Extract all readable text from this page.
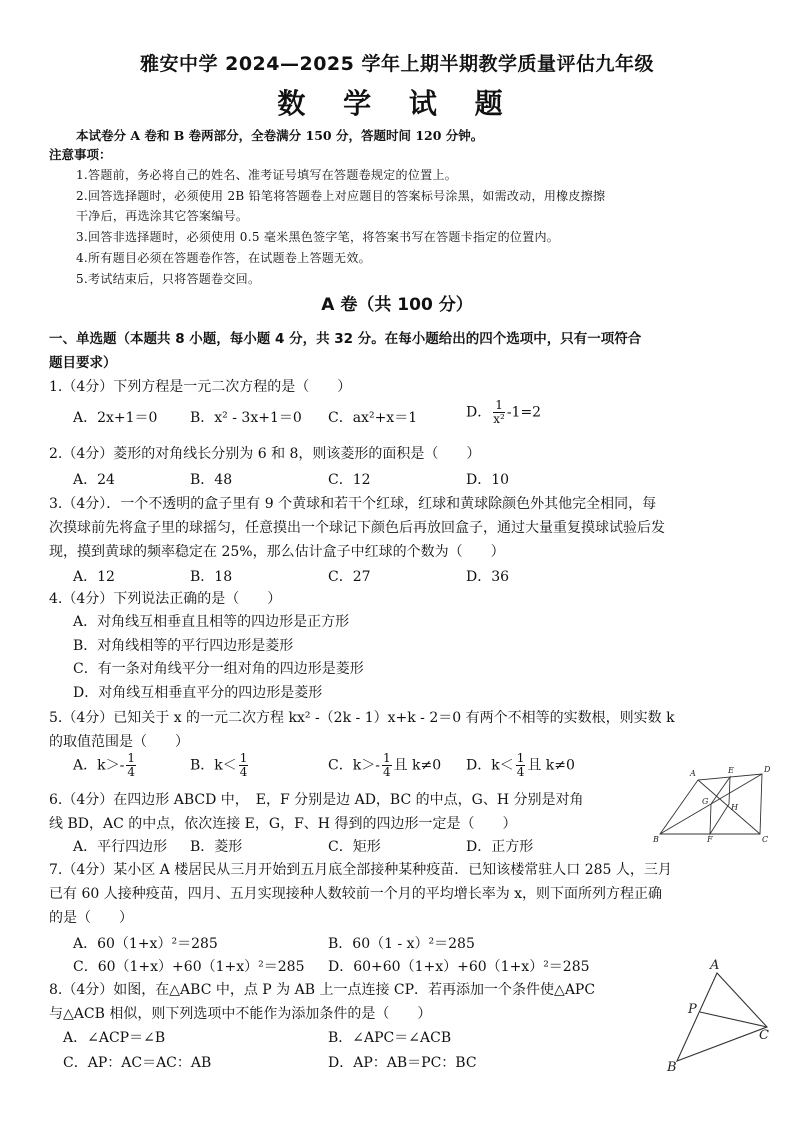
雅安中学 2024—2025 学年上期半期教学质量评估九年级
数 学 试 题
本试卷分 A 卷和 B 卷两部分，全卷满分 150 分，答题时间 120 分钟。
注意事项：
1.答题前，务必将自己的姓名、准考证号填写在答题卷规定的位置上。
2.回答选择题时，必须使用 2B 铅笔将答题卷上对应题目的答案标号涂黑，如需改动，用橡皮擦擦
干净后，再选涂其它答案编号。
3.回答非选择题时，必须使用 0.5 毫米黑色签字笔，将答案书写在答题卡指定的位置内。
4.所有题目必须在答题卷作答，在试题卷上答题无效。
5.考试结束后，只将答题卷交回。
A 卷（共 100 分）
一、单选题（本题共 8 小题，每小题 4 分，共 32 分。在每小题给出的四个选项中，只有一项符合
题目要求）
1.（4分）下列方程是一元二次方程的是（　　）
A．2x+1＝0 B．x² - 3x+1＝0 C．ax²+x＝1	D． $\frac{1}{\text{x²}} -1=2$
2.（4分）菱形的对角线长分别为 6 和 8，则该菱形的面积是（　　）
A．24	B．48	C．12	D．10
3.（4分）．一个不透明的盒子里有 9 个黄球和若干个红球，红球和黄球除颜色外其他完全相同，每
次摸球前先将盒子里的球摇匀，任意摸出一个球记下颜色后再放回盒子，通过大量重复摸球试验后发
现，摸到黄球的频率稳定在 25%，那么估计盒子中红球的个数为（　　）
A．12	B．18	C．27	D．36
4.（4分）下列说法正确的是（　　）
A．对角线互相垂直且相等的四边形是正方形
B．对角线相等的平行四边形是菱形
C．有一条对角线平分一组对角的四边形是菱形
D．对角线互相垂直平分的四边形是菱形
5.（4分）已知关于 x 的一元二次方程 kx² -（2k - 1）x+k - 2＝0 有两个不相等的实数根，则实数 k
的取值范围是（　　）
A．$k>- \frac{1}{4}$	B．$k< \frac{1}{4}$	C．$k>- \frac{1}{4}$ 且 k≠0 D．$k< \frac{1}{4}$ 且 k≠0
6.（4分）在四边形 ABCD 中，　E，F 分别是边 AD，BC 的中点，G、H 分别是对角
线 BD，AC 的中点，依次连接 E，G，F、H 得到的四边形一定是（　　）
A．平行四边形 B．菱形	C．矩形	D．正方形
A
B	C
D
E
F
G
H
7.（4分）某小区 A 楼居民从三月开始到五月底全部接种某种疫苗．已知该楼常驻人口 285 人，三月
已有 60 人接种疫苗，四月、五月实现接种人数较前一个月的平均增长率为 x，则下面所列方程正确
的是（　　）
A．60（1+x）²＝285	B．60（1 - x）²＝285
C．60（1+x）+60（1+x）²＝285 D．60+60（1+x）+60（1+x）²＝285
8.（4分）如图，在△ABC 中，点 P 为 AB 上一点连接 CP．若再添加一个条件使△APC
与△ACB 相似，则下列选项中不能作为添加条件的是（　　）
A．∠ACP＝∠B	B．∠APC＝∠ACB
C．AP：AC＝AC：AB	D．AP：AB＝PC：BC
A
P
C
B
